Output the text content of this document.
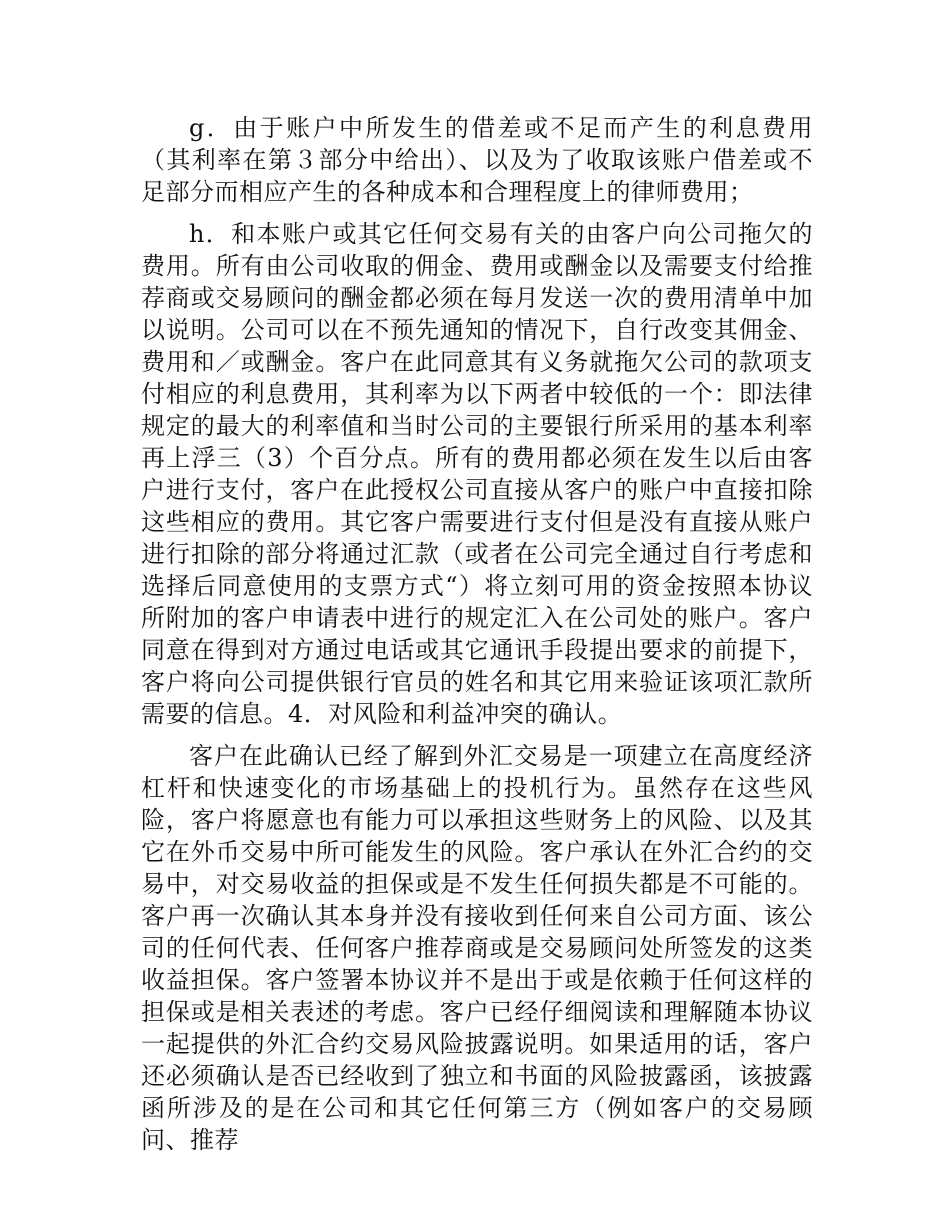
g．由于账户中所发生的借差或不足而产生的利息费用（其利率在第３部分中给出）、以及为了收取该账户借差或不足部分而相应产生的各种成本和合理程度上的律师费用；

h．和本账户或其它任何交易有关的由客户向公司拖欠的费用。所有由公司收取的佣金、费用或酬金以及需要支付给推荐商或交易顾问的酬金都必须在每月发送一次的费用清单中加以说明。公司可以在不预先通知的情况下，自行改变其佣金、费用和／或酬金。客户在此同意其有义务就拖欠公司的款项支付相应的利息费用，其利率为以下两者中较低的一个：即法律规定的最大的利率值和当时公司的主要银行所采用的基本利率再上浮三（3）个百分点。所有的费用都必须在发生以后由客户进行支付，客户在此授权公司直接从客户的账户中直接扣除这些相应的费用。其它客户需要进行支付但是没有直接从账户进行扣除的部分将通过汇款（或者在公司完全通过自行考虑和选择后同意使用的支票方式“）将立刻可用的资金按照本协议所附加的客户申请表中进行的规定汇入在公司处的账户。客户同意在得到对方通过电话或其它通讯手段提出要求的前提下，客户将向公司提供银行官员的姓名和其它用来验证该项汇款所需要的信息。4．对风险和利益冲突的确认。

客户在此确认已经了解到外汇交易是一项建立在高度经济杠杆和快速变化的市场基础上的投机行为。虽然存在这些风险，客户将愿意也有能力可以承担这些财务上的风险、以及其它在外币交易中所可能发生的风险。客户承认在外汇合约的交易中，对交易收益的担保或是不发生任何损失都是不可能的。客户再一次确认其本身并没有接收到任何来自公司方面、该公司的任何代表、任何客户推荐商或是交易顾问处所签发的这类收益担保。客户签署本协议并不是出于或是依赖于任何这样的担保或是相关表述的考虑。客户已经仔细阅读和理解随本协议一起提供的外汇合约交易风险披露说明。如果适用的话，客户还必须确认是否已经收到了独立和书面的风险披露函，该披露函所涉及的是在公司和其它任何第三方（例如客户的交易顾问、推荐
